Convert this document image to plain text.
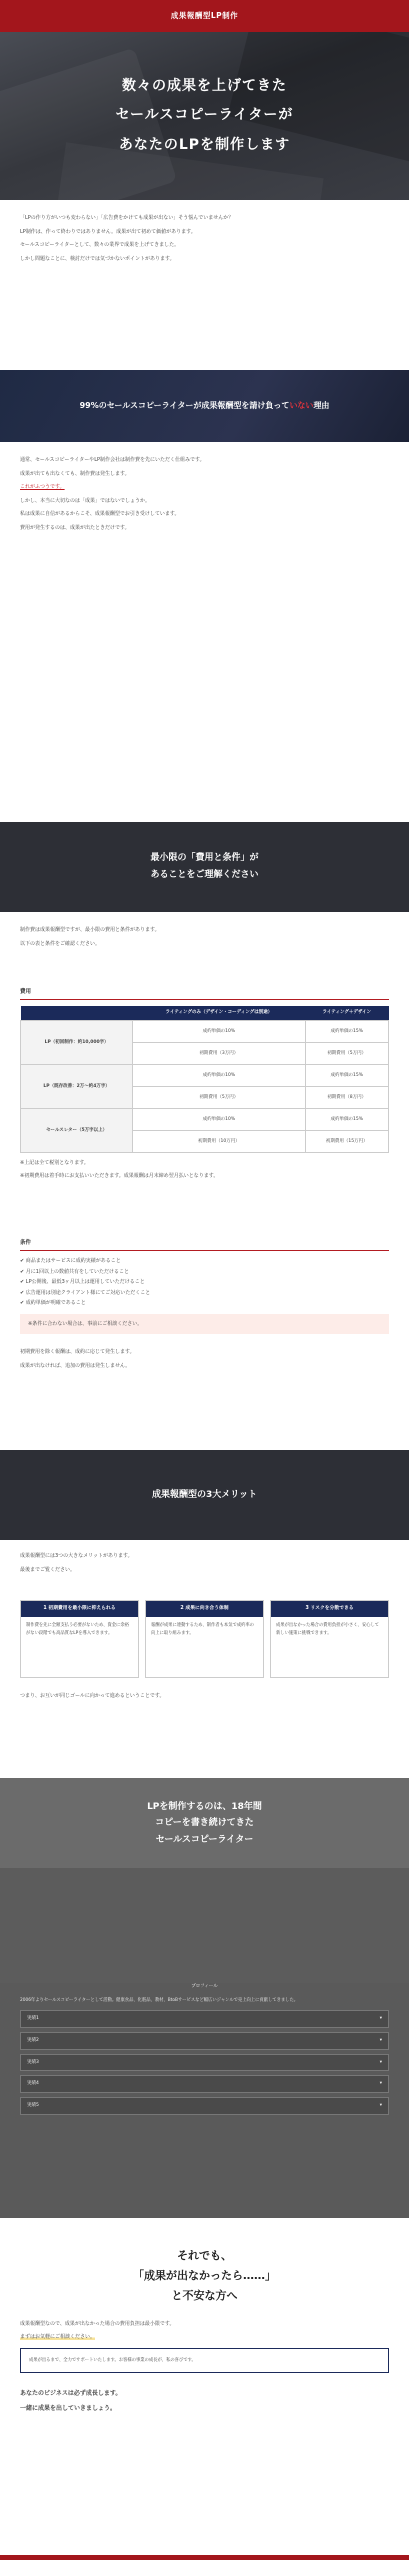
成果報酬型LP制作
数々の成果を上げてきた
セールスコピーライターが
あなたのLPを制作します

「LPの作り方がいつも変わらない」「広告費をかけても成果が出ない」そう悩んでいませんか？

LP制作は、作って終わりではありません。成果が出て初めて価値があります。

セールスコピーライターとして、数々の業界で成果を上げてきました。

しかし問題なことに、検討だけでは気づかないポイントがあります。

99%のセールスコピーライターが成果報酬型を請け負って いない 理由

通常、セールスコピーライターやLP制作会社は制作費を先にいただく仕組みです。

成果が出ても出なくても、制作費は発生します。

これがふつうです。

しかし、本当に大切なのは「成果」ではないでしょうか。

私は成果に自信があるからこそ、成果報酬型でお引き受けしています。

費用が発生するのは、成果が出たときだけです。

最小限の「費用と条件」が
あることをご理解ください

制作費は成果報酬型ですが、最小限の費用と条件があります。

以下の表と条件をご確認ください。

費用
	ライティングのみ（デザイン・コーディングは別途）	ライティング＋デザイン
LP（初回制作：約10,000字）	成約単価の10%	成約単価の15%
	初期費用（3万円）	初期費用（5万円）
LP（既存改善：2万〜約4万字）	成約単価の10%	成約単価の15%
	初期費用（5万円）	初期費用（8万円）
セールスレター（5万字以上）	成約単価の10%	成約単価の15%
	初期費用（10万円）	初期費用（15万円）

※上記は全て税別となります。

※初期費用は着手時にお支払いいただきます。成果報酬は月末締め翌月払いとなります。

条件
✔ 商品またはサービスに成約実績があること
✔ 月に1回以上の数値共有をしていただけること
✔ LP公開後、最低3ヶ月以上は運用していただけること
✔ 広告運用は別途クライアント様にてご対応いただくこと
✔ 成約単価が明確であること
※条件に合わない場合は、事前にご相談ください。

初期費用を除く報酬は、成約に応じて発生します。

成果が出なければ、追加の費用は発生しません。

成果報酬型の3大メリット

成果報酬型には3つの大きなメリットがあります。

最後までご覧ください。

1 初期費用を最小限に抑えられる
制作費を先に全額支払う必要がないため、資金に余裕がない段階でも高品質なLPを導入できます。
2 成果に向き合う体制
報酬が成果に連動するため、制作者も本気で成約率の向上に取り組みます。
3 リスクを分散できる
成果が出なかった場合の費用負担が小さく、安心して新しい施策に挑戦できます。

つまり、お互いが同じゴールに向かって進めるということです。

LPを制作するのは、18年間
コピーを書き続けてきた
セールスコピーライター
プロフィール
2006年よりセールスコピーライターとして活動。健康食品、化粧品、教材、BtoBサービスなど幅広いジャンルで売上向上に貢献してきました。
実績1	▾
実績2	▾
実績3	▾
実績4	▾
実績5	▾
それでも、
「成果が出なかったら……」
と不安な方へ

成果報酬型なので、成果が出なかった場合の費用負担は最小限です。

まずはお気軽にご相談ください。

成果が出るまで、全力でサポートいたします。お客様の事業の成長が、私の喜びです。

あなたのビジネスは必ず成長します。

一緒に成果を出していきましょう。
